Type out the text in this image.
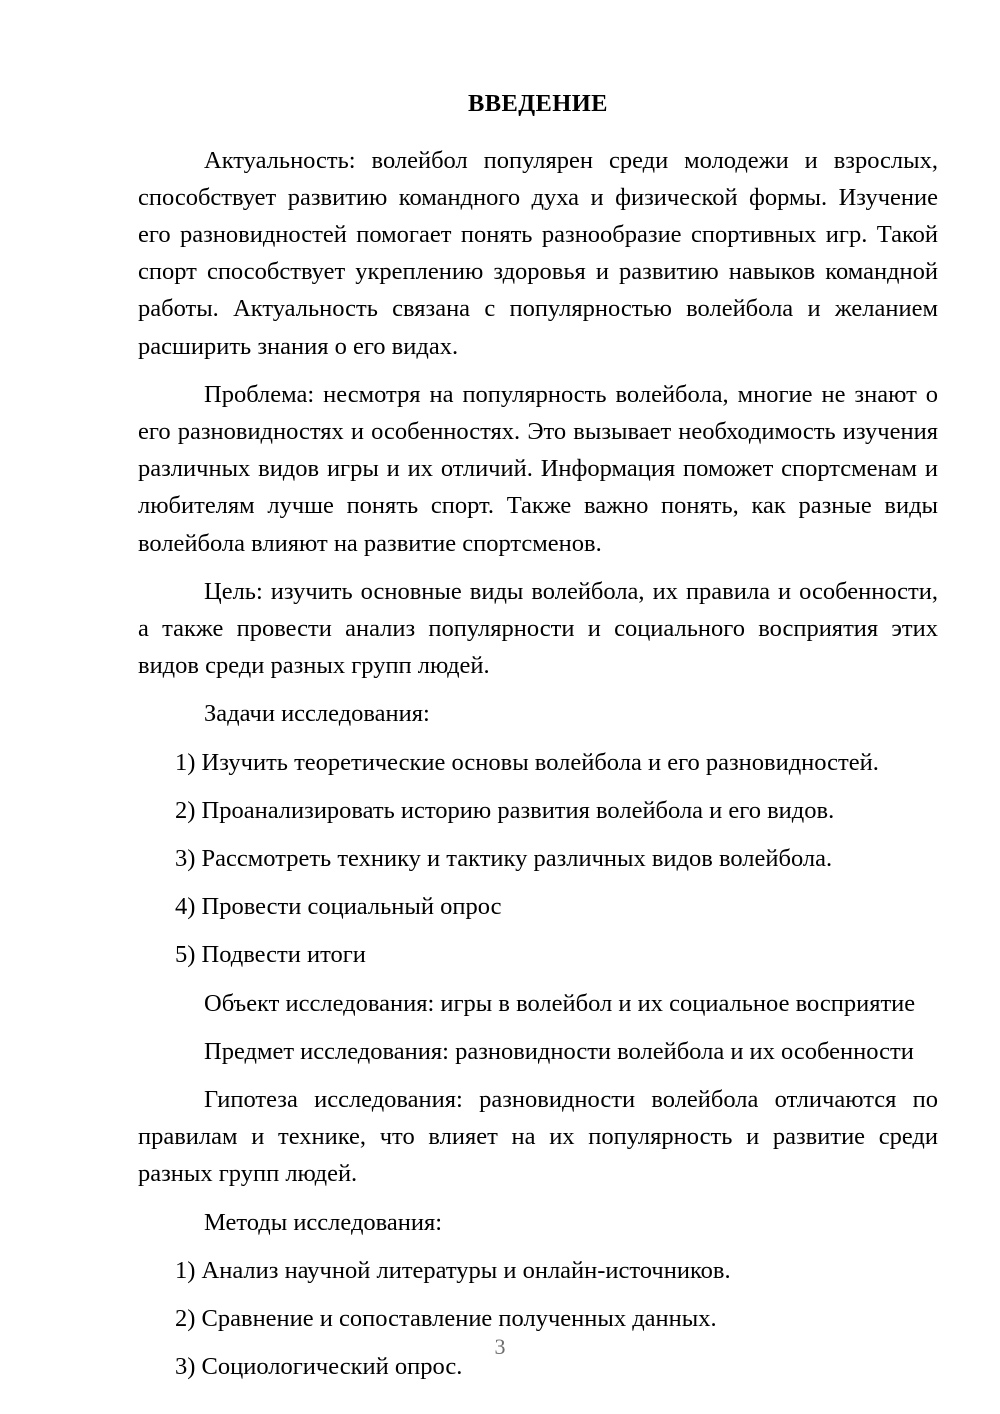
ВВЕДЕНИЕ

Актуальность: волейбол популярен среди молодежи и взрослых, способствует развитию командного духа и физической формы. Изучение его разновидностей помогает понять разнообразие спортивных игр. Такой спорт способствует укреплению здоровья и развитию навыков командной работы. Актуальность связана с популярностью волейбола и желанием расширить знания о его видах.

Проблема: несмотря на популярность волейбола, многие не знают о его разновидностях и особенностях. Это вызывает необходимость изучения различных видов игры и их отличий. Информация поможет спортсменам и любителям лучше понять спорт. Также важно понять, как разные виды волейбола влияют на развитие спортсменов.

Цель: изучить основные виды волейбола, их правила и особенности, а также провести анализ популярности и социального восприятия этих видов среди разных групп людей.

Задачи исследования:

1) Изучить теоретические основы волейбола и его разновидностей.

2) Проанализировать историю развития волейбола и его видов.

3) Рассмотреть технику и тактику различных видов волейбола.

4) Провести социальный опрос

5) Подвести итоги

Объект исследования: игры в волейбол и их социальное восприятие

Предмет исследования: разновидности волейбола и их особенности

Гипотеза исследования: разновидности волейбола отличаются по правилам и технике, что влияет на их популярность и развитие среди разных групп людей.

Методы исследования:

1) Анализ научной литературы и онлайн-источников.

2) Сравнение и сопоставление полученных данных.

3) Социологический опрос.

3
